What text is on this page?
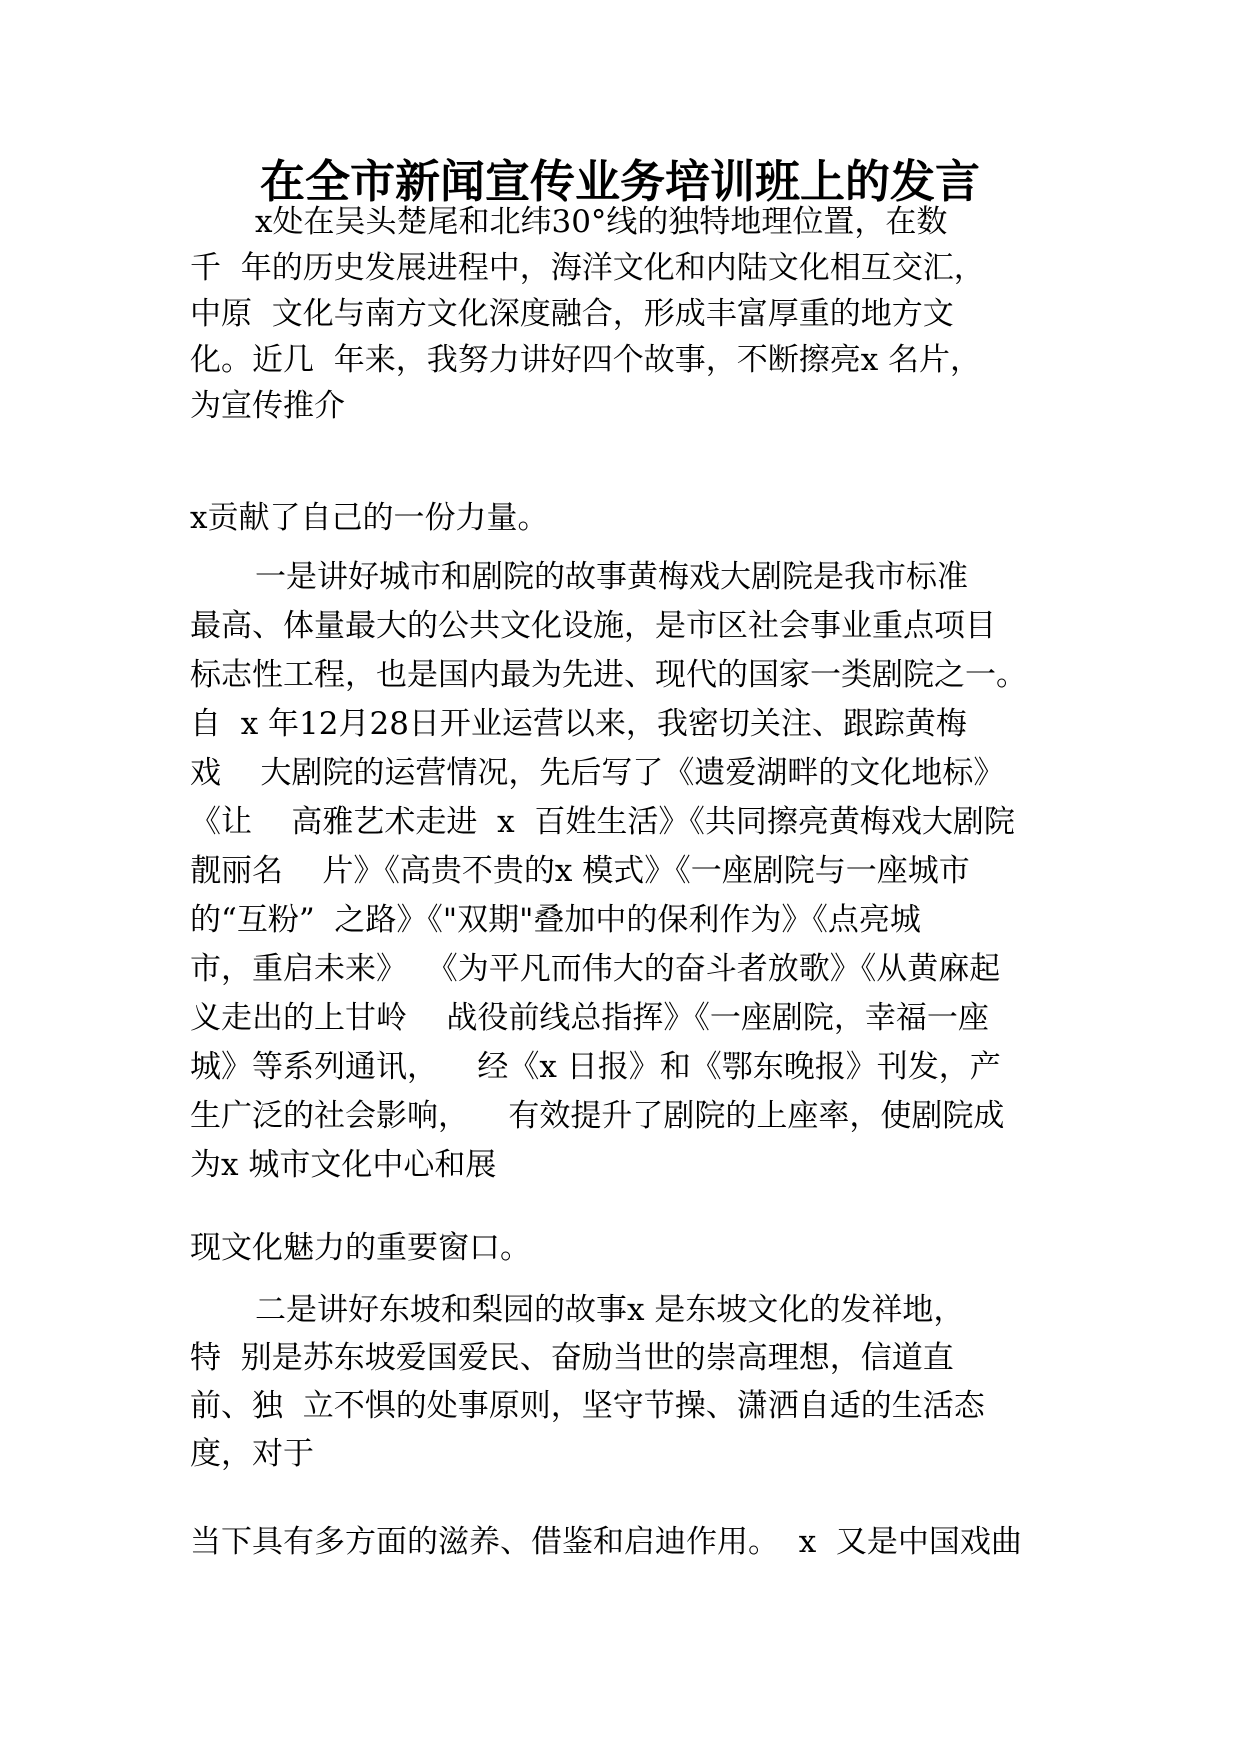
在全市新闻宣传业务培训班上的发言
x处在吴头楚尾和北纬30°线的独特地理位置，在数
千  年的历史发展进程中，海洋文化和内陆文化相互交汇，
中原  文化与南方文化深度融合，形成丰富厚重的地方文
化。近几  年来，我努力讲好四个故事，不断擦亮x 名片，
为宣传推介
x贡献了自己的一份力量。
一是讲好城市和剧院的故事黄梅戏大剧院是我市标准
最高、体量最大的公共文化设施，是市区社会事业重点项目
标志性工程，也是国内最为先进、现代的国家一类剧院之一。
自  x 年12月28日开业运营以来，我密切关注、跟踪黄梅
戏    大剧院的运营情况，先后写了《遗爱湖畔的文化地标》
《让    高雅艺术走进  x  百姓生活》《共同擦亮黄梅戏大剧院
靓丽名    片》《高贵不贵的x 模式》《一座剧院与一座城市
的“互粉”  之路》《"双期"叠加中的保利作为》《点亮城
市，重启未来》  《为平凡而伟大的奋斗者放歌》《从黄麻起
义走出的上甘岭    战役前线总指挥》《一座剧院，幸福一座
城》等系列通讯，    经《x 日报》和《鄂东晚报》刊发，产
生广泛的社会影响，    有效提升了剧院的上座率，使剧院成
为x 城市文化中心和展
现文化魅力的重要窗口。
二是讲好东坡和梨园的故事x 是东坡文化的发祥地，
特  别是苏东坡爱国爱民、奋励当世的崇高理想，信道直
前、独  立不惧的处事原则，坚守节操、潇洒自适的生活态
度，对于
当下具有多方面的滋养、借鉴和启迪作用。  x  又是中国戏曲
